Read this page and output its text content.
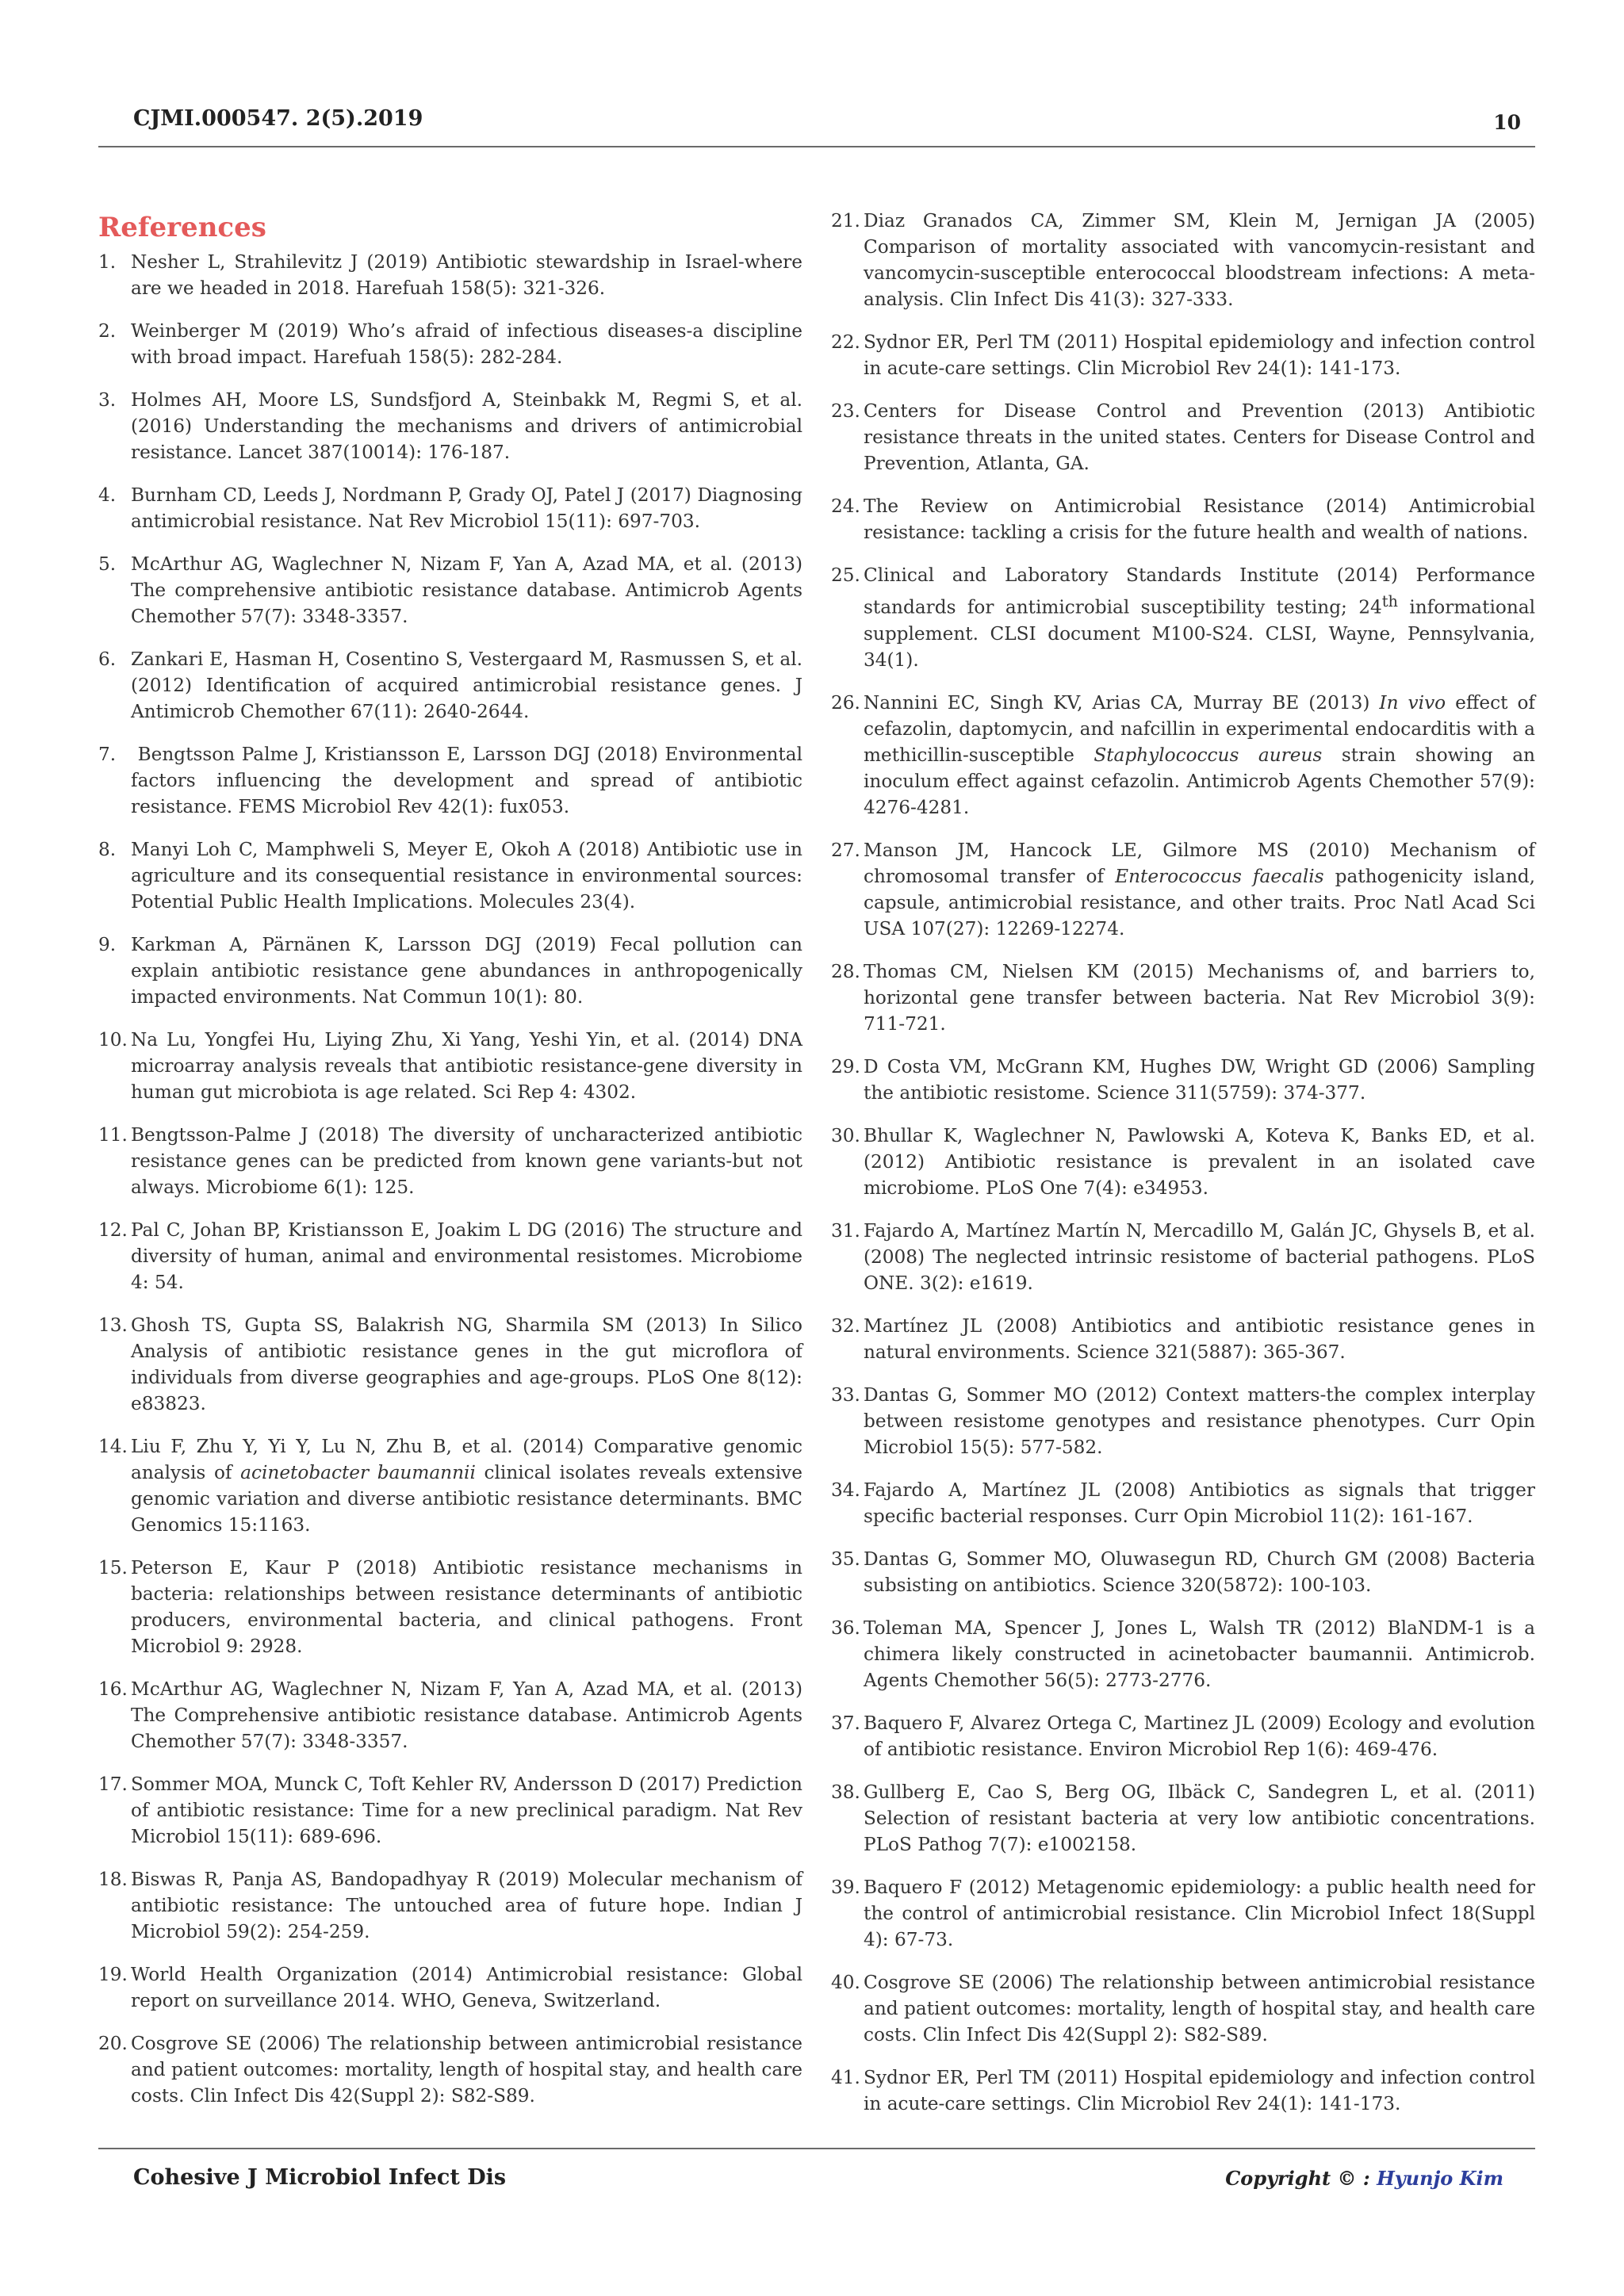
CJMI.000547. 2(5).2019	10
References
1. Nesher L, Strahilevitz J (2019) Antibiotic stewardship in Israel-where are we headed in 2018. Harefuah 158(5): 321-326.
2. Weinberger M (2019) Who’s afraid of infectious diseases-a discipline with broad impact. Harefuah 158(5): 282-284.
3. Holmes AH, Moore LS, Sundsfjord A, Steinbakk M, Regmi S, et al. (2016) Understanding the mechanisms and drivers of antimicrobial resistance. Lancet 387(10014): 176-187.
4. Burnham CD, Leeds J, Nordmann P, Grady OJ, Patel J (2017) Diagnosing antimicrobial resistance. Nat Rev Microbiol 15(11): 697-703.
5. McArthur AG, Waglechner N, Nizam F, Yan A, Azad MA, et al. (2013) The comprehensive antibiotic resistance database. Antimicrob Agents Chemother 57(7): 3348-3357.
6. Zankari E, Hasman H, Cosentino S, Vestergaard M, Rasmussen S, et al. (2012) Identification of acquired antimicrobial resistance genes. J Antimicrob Chemother 67(11): 2640-2644.
7. Bengtsson Palme J, Kristiansson E, Larsson DGJ (2018) Environmental factors influencing the development and spread of antibiotic resistance. FEMS Microbiol Rev 42(1): fux053.
8. Manyi Loh C, Mamphweli S, Meyer E, Okoh A (2018) Antibiotic use in agriculture and its consequential resistance in environmental sources: Potential Public Health Implications. Molecules 23(4).
9. Karkman A, Pärnänen K, Larsson DGJ (2019) Fecal pollution can explain antibiotic resistance gene abundances in anthropogenically impacted environments. Nat Commun 10(1): 80.
10. Na Lu, Yongfei Hu, Liying Zhu, Xi Yang, Yeshi Yin, et al. (2014) DNA microarray analysis reveals that antibiotic resistance-gene diversity in human gut microbiota is age related. Sci Rep 4: 4302.
11. Bengtsson-Palme J (2018) The diversity of uncharacterized antibiotic resistance genes can be predicted from known gene variants-but not always. Microbiome 6(1): 125.
12. Pal C, Johan BP, Kristiansson E, Joakim L DG (2016) The structure and diversity of human, animal and environmental resistomes. Microbiome 4: 54.
13. Ghosh TS, Gupta SS, Balakrish NG, Sharmila SM (2013) In Silico Analysis of antibiotic resistance genes in the gut microflora of individuals from diverse geographies and age-groups. PLoS One 8(12): e83823.
14. Liu F, Zhu Y, Yi Y, Lu N, Zhu B, et al. (2014) Comparative genomic analysis of acinetobacter baumannii clinical isolates reveals extensive genomic variation and diverse antibiotic resistance determinants. BMC Genomics 15:1163.
15. Peterson E, Kaur P (2018) Antibiotic resistance mechanisms in bacteria: relationships between resistance determinants of antibiotic producers, environmental bacteria, and clinical pathogens. Front Microbiol 9: 2928.
16. McArthur AG, Waglechner N, Nizam F, Yan A, Azad MA, et al. (2013) The Comprehensive antibiotic resistance database. Antimicrob Agents Chemother 57(7): 3348-3357.
17. Sommer MOA, Munck C, Toft Kehler RV, Andersson D (2017) Prediction of antibiotic resistance: Time for a new preclinical paradigm. Nat Rev Microbiol 15(11): 689-696.
18. Biswas R, Panja AS, Bandopadhyay R (2019) Molecular mechanism of antibiotic resistance: The untouched area of future hope. Indian J Microbiol 59(2): 254-259.
19. World Health Organization (2014) Antimicrobial resistance: Global report on surveillance 2014. WHO, Geneva, Switzerland.
20. Cosgrove SE (2006) The relationship between antimicrobial resistance and patient outcomes: mortality, length of hospital stay, and health care costs. Clin Infect Dis 42(Suppl 2): S82-S89.
21. Diaz Granados CA, Zimmer SM, Klein M, Jernigan JA (2005) Comparison of mortality associated with vancomycin-resistant and vancomycin-susceptible enterococcal bloodstream infections: A meta-analysis. Clin Infect Dis 41(3): 327-333.
22. Sydnor ER, Perl TM (2011) Hospital epidemiology and infection control in acute-care settings. Clin Microbiol Rev 24(1): 141-173.
23. Centers for Disease Control and Prevention (2013) Antibiotic resistance threats in the united states. Centers for Disease Control and Prevention, Atlanta, GA.
24. The Review on Antimicrobial Resistance (2014) Antimicrobial resistance: tackling a crisis for the future health and wealth of nations.
25. Clinical and Laboratory Standards Institute (2014) Performance standards for antimicrobial susceptibility testing; 24th informational supplement. CLSI document M100-S24. CLSI, Wayne, Pennsylvania, 34(1).
26. Nannini EC, Singh KV, Arias CA, Murray BE (2013) In vivo effect of cefazolin, daptomycin, and nafcillin in experimental endocarditis with a methicillin-susceptible Staphylococcus aureus strain showing an inoculum effect against cefazolin. Antimicrob Agents Chemother 57(9): 4276-4281.
27. Manson JM, Hancock LE, Gilmore MS (2010) Mechanism of chromosomal transfer of Enterococcus faecalis pathogenicity island, capsule, antimicrobial resistance, and other traits. Proc Natl Acad Sci USA 107(27): 12269-12274.
28. Thomas CM, Nielsen KM (2015) Mechanisms of, and barriers to, horizontal gene transfer between bacteria. Nat Rev Microbiol 3(9): 711-721.
29. D Costa VM, McGrann KM, Hughes DW, Wright GD (2006) Sampling the antibiotic resistome. Science 311(5759): 374-377.
30. Bhullar K, Waglechner N, Pawlowski A, Koteva K, Banks ED, et al. (2012) Antibiotic resistance is prevalent in an isolated cave microbiome. PLoS One 7(4): e34953.
31. Fajardo A, Martínez Martín N, Mercadillo M, Galán JC, Ghysels B, et al. (2008) The neglected intrinsic resistome of bacterial pathogens. PLoS ONE. 3(2): e1619.
32. Martínez JL (2008) Antibiotics and antibiotic resistance genes in natural environments. Science 321(5887): 365-367.
33. Dantas G, Sommer MO (2012) Context matters-the complex interplay between resistome genotypes and resistance phenotypes. Curr Opin Microbiol 15(5): 577-582.
34. Fajardo A, Martínez JL (2008) Antibiotics as signals that trigger specific bacterial responses. Curr Opin Microbiol 11(2): 161-167.
35. Dantas G, Sommer MO, Oluwasegun RD, Church GM (2008) Bacteria subsisting on antibiotics. Science 320(5872): 100-103.
36. Toleman MA, Spencer J, Jones L, Walsh TR (2012) BlaNDM-1 is a chimera likely constructed in acinetobacter baumannii. Antimicrob. Agents Chemother 56(5): 2773-2776.
37. Baquero F, Alvarez Ortega C, Martinez JL (2009) Ecology and evolution of antibiotic resistance. Environ Microbiol Rep 1(6): 469-476.
38. Gullberg E, Cao S, Berg OG, Ilbäck C, Sandegren L, et al. (2011) Selection of resistant bacteria at very low antibiotic concentrations. PLoS Pathog 7(7): e1002158.
39. Baquero F (2012) Metagenomic epidemiology: a public health need for the control of antimicrobial resistance. Clin Microbiol Infect 18(Suppl 4): 67-73.
40. Cosgrove SE (2006) The relationship between antimicrobial resistance and patient outcomes: mortality, length of hospital stay, and health care costs. Clin Infect Dis 42(Suppl 2): S82-S89.
41. Sydnor ER, Perl TM (2011) Hospital epidemiology and infection control in acute-care settings. Clin Microbiol Rev 24(1): 141-173.
Cohesive J Microbiol Infect Dis	Copyright © : Hyunjo Kim
